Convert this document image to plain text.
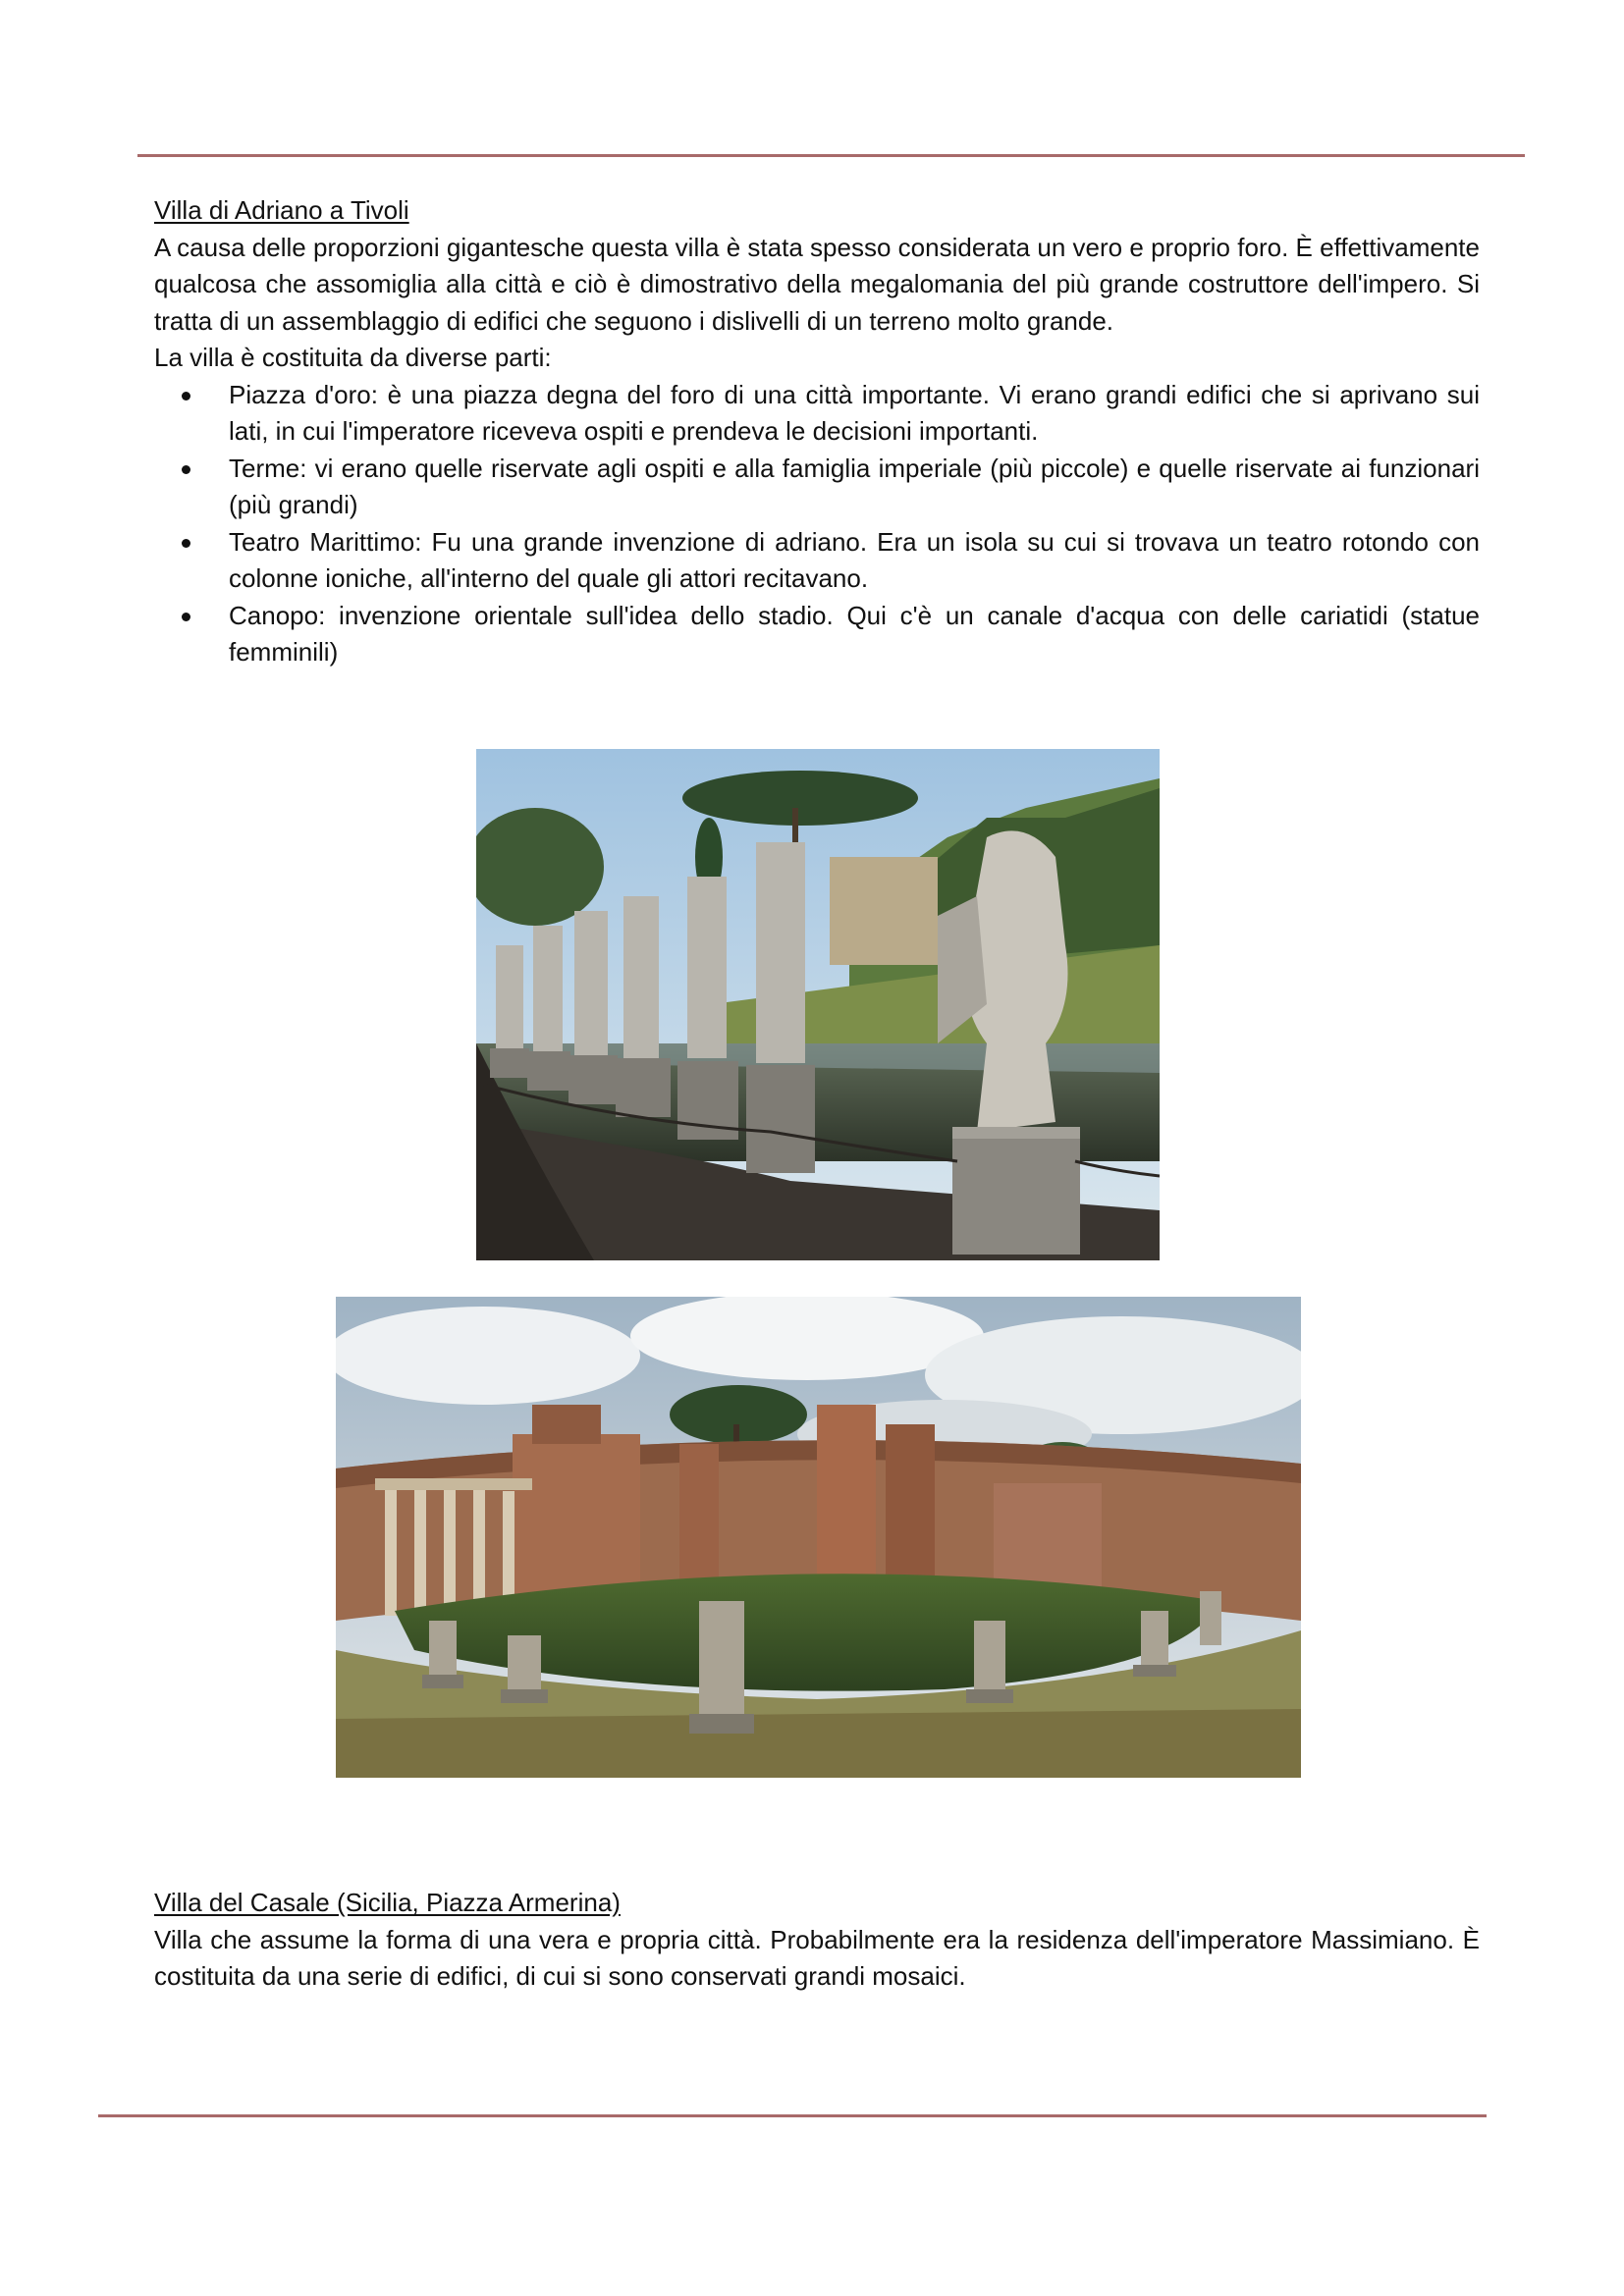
Villa di Adriano a Tivoli
A causa delle proporzioni gigantesche questa villa è stata spesso considerata un vero e proprio foro. È effettivamente qualcosa che assomiglia alla città e ciò è dimostrativo della megalomania del più grande costruttore dell'impero. Si tratta di un assemblaggio di edifici che seguono i dislivelli di un terreno molto grande.
La villa è costituita da diverse parti:
Piazza d'oro: è una piazza degna del foro di una città importante. Vi erano grandi edifici che si aprivano sui lati, in cui l'imperatore riceveva ospiti e prendeva le decisioni importanti.
Terme: vi erano quelle riservate agli ospiti e alla famiglia imperiale (più piccole) e quelle riservate ai funzionari (più grandi)
Teatro Marittimo: Fu una grande invenzione di adriano. Era un isola su cui si trovava un teatro rotondo con colonne ioniche, all'interno del quale gli attori recitavano.
Canopo: invenzione orientale sull'idea dello stadio. Qui c'è un canale d'acqua con delle cariatidi (statue femminili)
Villa del Casale (Sicilia, Piazza Armerina)
Villa che assume la forma di una vera e propria città. Probabilmente era la residenza dell'imperatore Massimiano. È costituita da una serie di edifici, di cui si sono conservati grandi mosaici.
